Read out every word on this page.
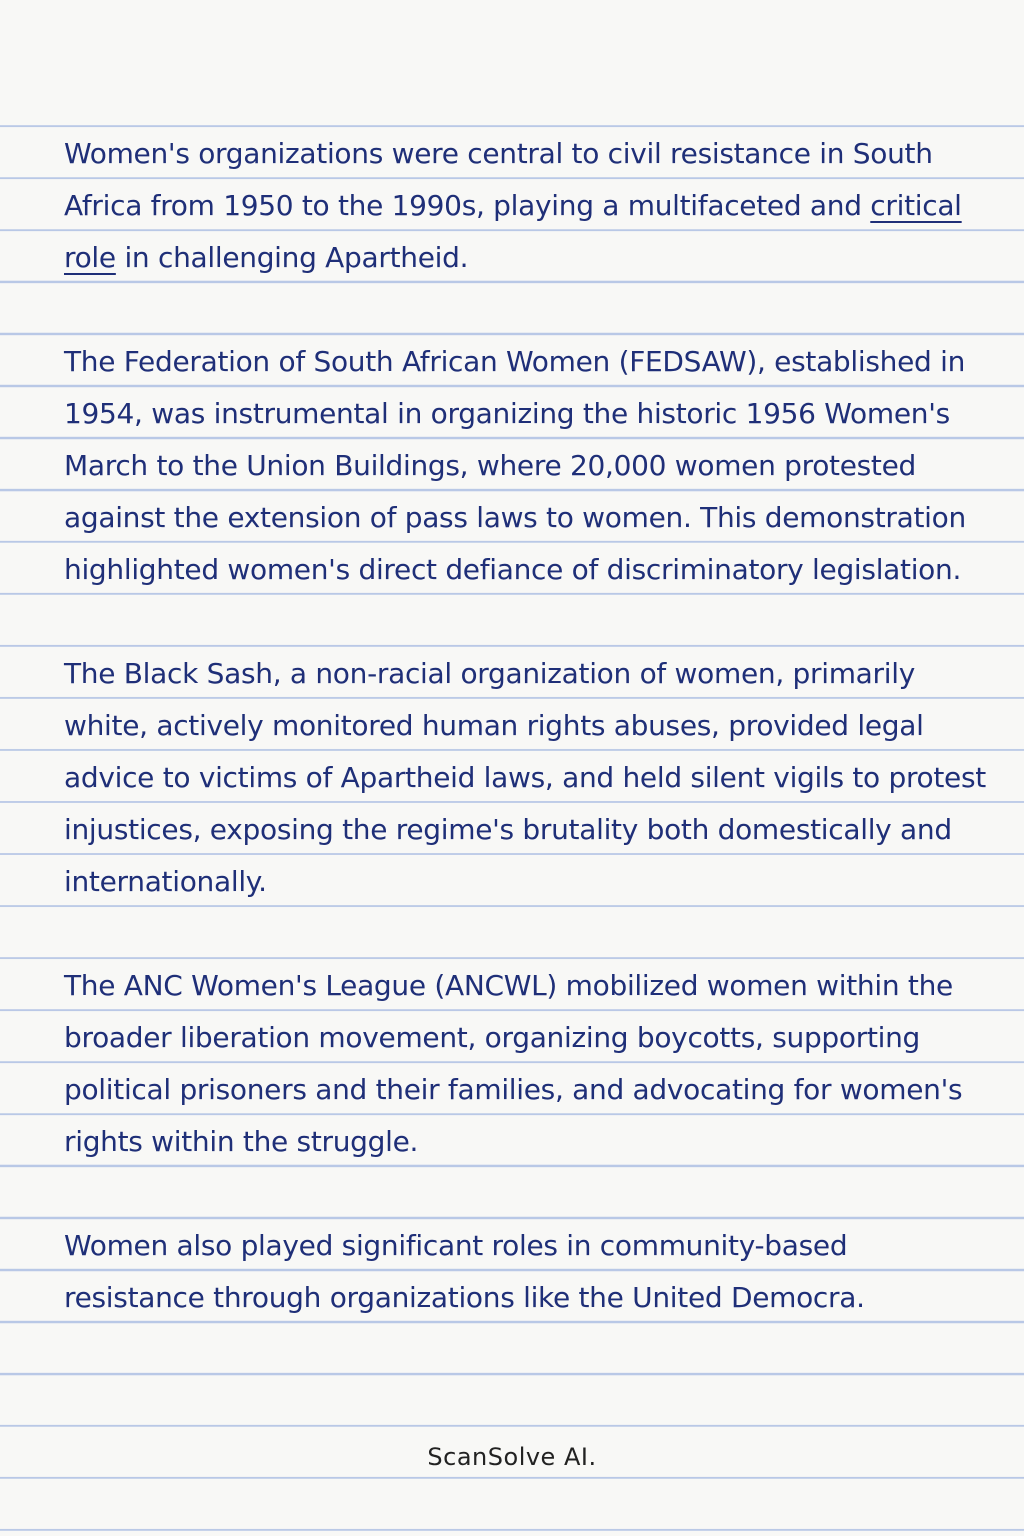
Women's organizations were central to civil resistance in South Africa from 1950 to the 1990s, playing a multifaceted and critical role in challenging Apartheid.

The Federation of South African Women (FEDSAW), established in 1954, was instrumental in organizing the historic 1956 Women's March to the Union Buildings, where 20,000 women protested against the extension of pass laws to women. This demonstration highlighted women's direct defiance of discriminatory legislation.

The Black Sash, a non-racial organization of women, primarily white, actively monitored human rights abuses, provided legal advice to victims of Apartheid laws, and held silent vigils to protest injustices, exposing the regime's brutality both domestically and internationally.

The ANC Women's League (ANCWL) mobilized women within the broader liberation movement, organizing boycotts, supporting political prisoners and their families, and advocating for women's rights within the struggle.

Women also played significant roles in community-based resistance through organizations like the United Democra.

ScanSolve AI.
